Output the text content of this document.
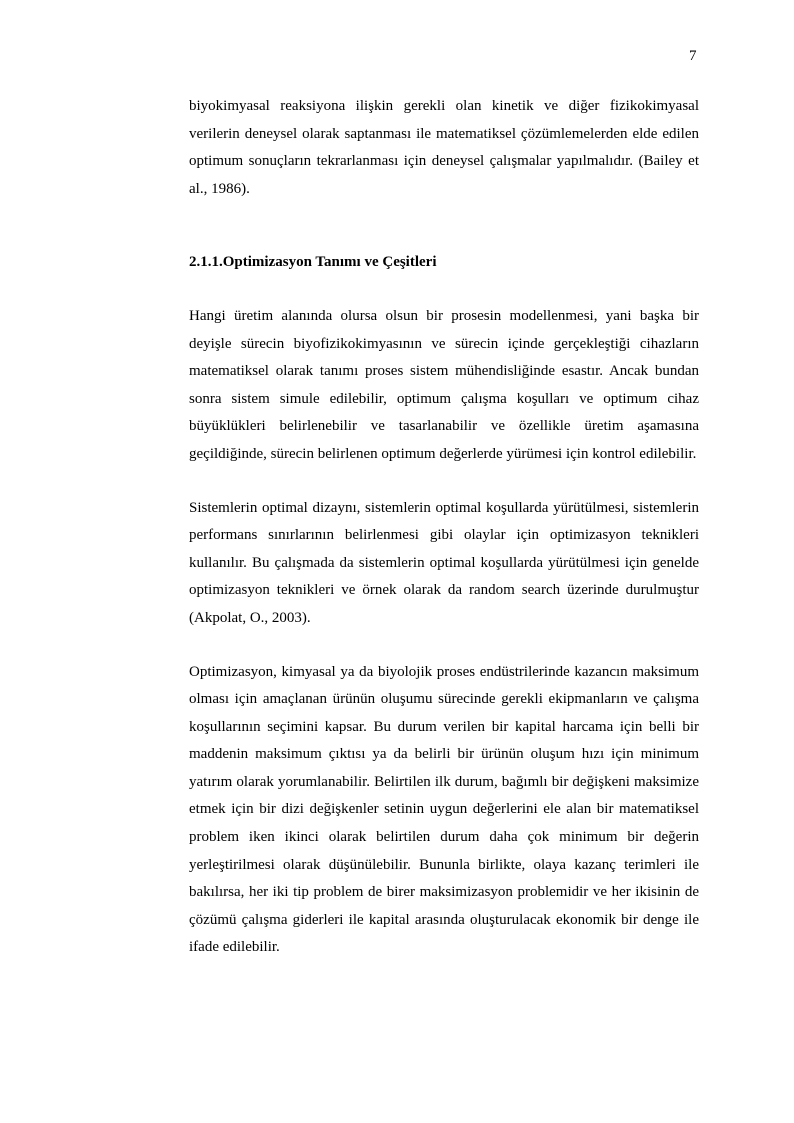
7

biyokimyasal reaksiyona ilişkin gerekli olan kinetik ve diğer fizikokimyasal verilerin deneysel olarak saptanması ile matematiksel çözümlemelerden elde edilen optimum sonuçların tekrarlanması için deneysel çalışmalar yapılmalıdır. (Bailey et al., 1986).

2.1.1.Optimizasyon Tanımı ve Çeşitleri

Hangi üretim alanında olursa olsun bir prosesin modellenmesi, yani başka bir deyişle sürecin biyofizikokimyasının ve sürecin içinde gerçekleştiği cihazların matematiksel olarak tanımı proses sistem mühendisliğinde esastır. Ancak bundan sonra sistem simule edilebilir, optimum çalışma koşulları ve optimum cihaz büyüklükleri belirlenebilir ve tasarlanabilir ve özellikle üretim aşamasına geçildiğinde, sürecin belirlenen optimum değerlerde yürümesi için kontrol edilebilir.

Sistemlerin optimal dizaynı, sistemlerin optimal koşullarda yürütülmesi, sistemlerin performans sınırlarının belirlenmesi gibi olaylar için optimizasyon teknikleri kullanılır. Bu çalışmada da sistemlerin optimal koşullarda yürütülmesi için genelde optimizasyon teknikleri ve örnek olarak da random search üzerinde durulmuştur (Akpolat, O., 2003).

Optimizasyon, kimyasal ya da biyolojik proses endüstrilerinde kazancın maksimum olması için amaçlanan ürünün oluşumu sürecinde gerekli ekipmanların ve çalışma koşullarının seçimini kapsar. Bu durum verilen bir kapital harcama için belli bir maddenin maksimum çıktısı ya da belirli bir ürünün oluşum hızı için minimum yatırım olarak yorumlanabilir. Belirtilen ilk durum, bağımlı bir değişkeni maksimize etmek için bir dizi değişkenler setinin uygun değerlerini ele alan bir matematiksel problem iken ikinci olarak belirtilen durum daha çok minimum bir değerin yerleştirilmesi olarak düşünülebilir. Bununla birlikte, olaya kazanç terimleri ile bakılırsa, her iki tip problem de birer maksimizasyon problemidir ve her ikisinin de çözümü çalışma giderleri ile kapital arasında oluşturulacak ekonomik bir denge ile ifade edilebilir.
